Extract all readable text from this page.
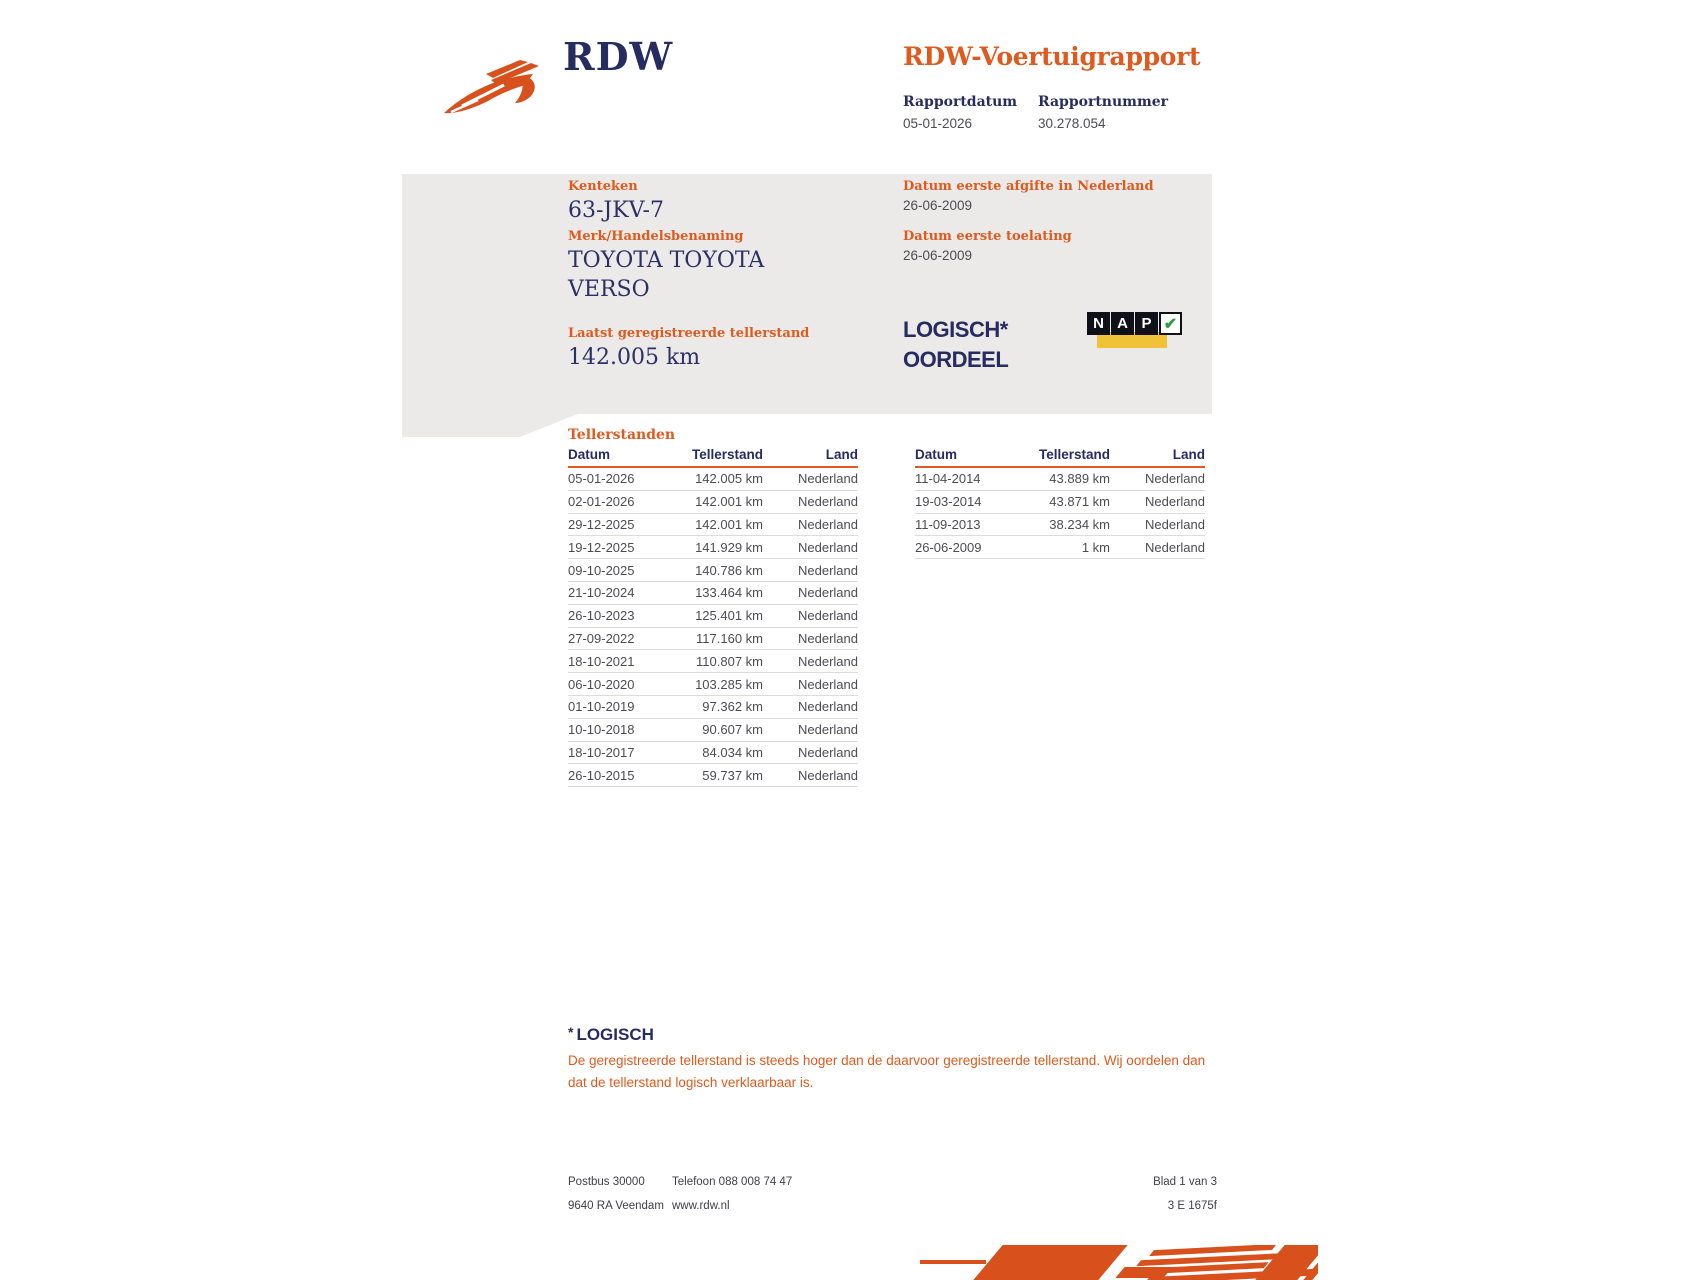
RDW	RDW-Voertuigrapport
Rapportdatum
05-01-2026
Rapportnummer
30.278.054
Kenteken
63-JKV-7
Merk/Handelsbenaming
TOYOTA TOYOTA VERSO
Laatst geregistreerde tellerstand
142.005 km
Datum eerste afgifte in Nederland
26-06-2009
Datum eerste toelating
26-06-2009
LOGISCH*
OORDEEL
N A P ✔
Tellerstanden
Datum	Tellerstand	Land
05-01-2026	142.005 km	Nederland
02-01-2026	142.001 km	Nederland
29-12-2025	142.001 km	Nederland
19-12-2025	141.929 km	Nederland
09-10-2025	140.786 km	Nederland
21-10-2024	133.464 km	Nederland
26-10-2023	125.401 km	Nederland
27-09-2022	117.160 km	Nederland
18-10-2021	110.807 km	Nederland
06-10-2020	103.285 km	Nederland
01-10-2019	97.362 km	Nederland
10-10-2018	90.607 km	Nederland
18-10-2017	84.034 km	Nederland
26-10-2015	59.737 km	Nederland
Datum	Tellerstand	Land
11-04-2014	43.889 km	Nederland
19-03-2014	43.871 km	Nederland
11-09-2013	38.234 km	Nederland
26-06-2009	1 km	Nederland
* LOGISCH
De geregistreerde tellerstand is steeds hoger dan de daarvoor geregistreerde tellerstand. Wij oordelen dan
dat de tellerstand logisch verklaarbaar is.

Postbus 30000

9640 RA Veendam

Telefoon 088 008 74 47

www.rdw.nl

Blad 1 van 3

3 E 1675f
